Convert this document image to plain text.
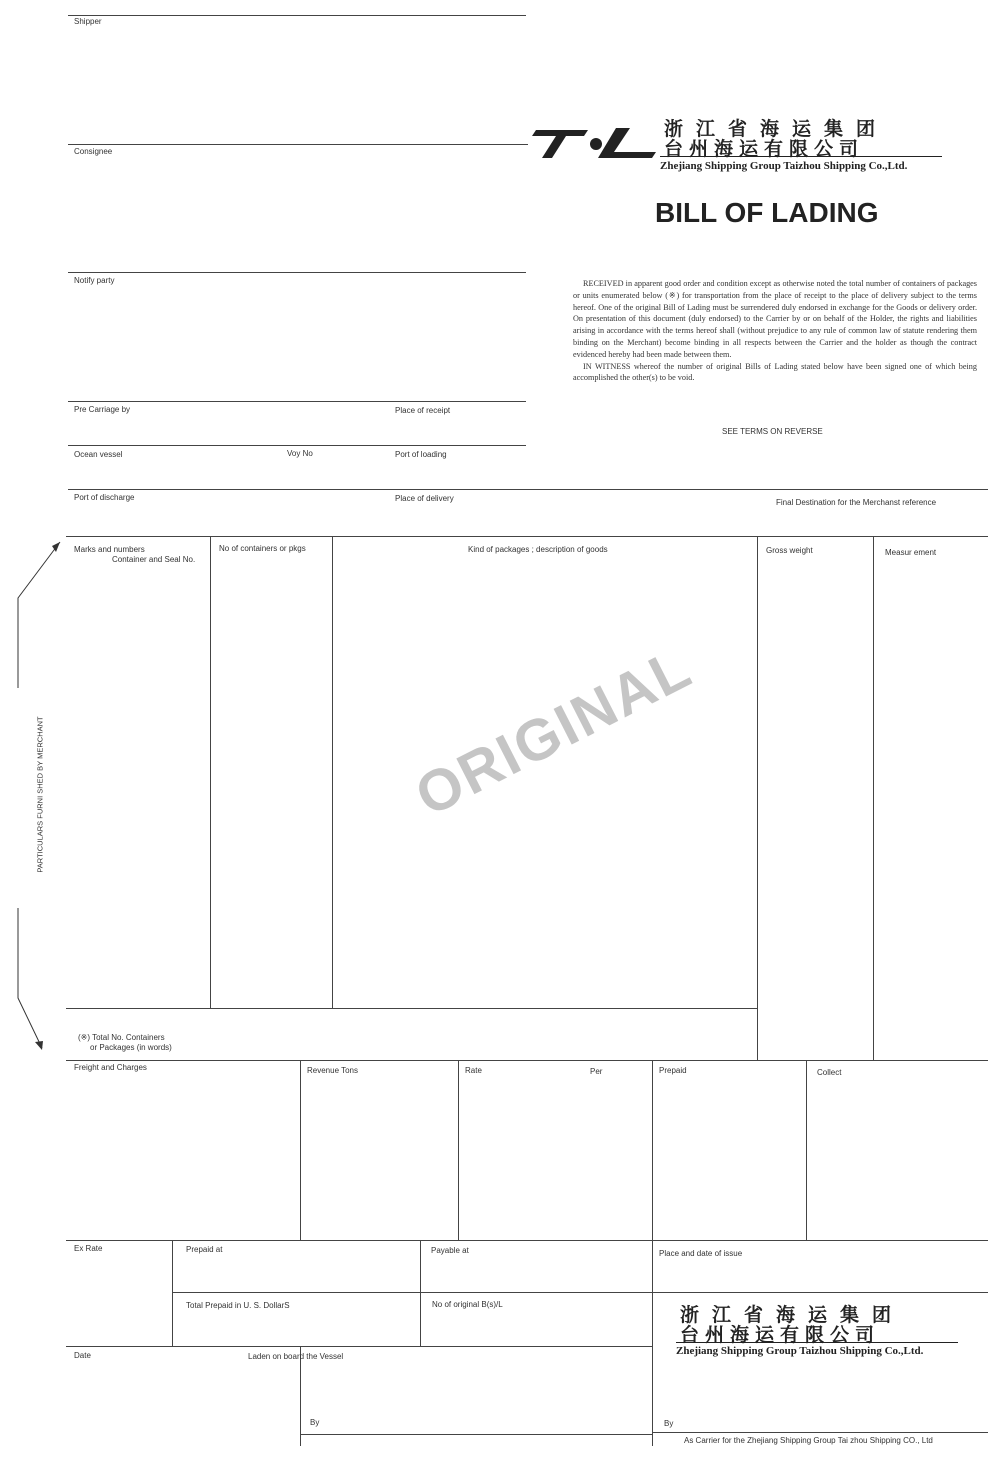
Shipper
Consignee
Notify party
浙江省海运集团
台州海运有限公司
Zhejiang Shipping Group Taizhou Shipping Co.,Ltd.
BILL OF LADING

RECEIVED in apparent good order and condition except as otherwise noted the total number of containers of packages or units enumerated below (※) for transportation from the place of receipt to the place of delivery subject to the terms hereof. One of the original Bill of Lading must be surrendered duly endorsed in exchange for the Goods or delivery order. On presentation of this document (duly endorsed) to the Carrier by or on behalf of the Holder, the rights and liabilities arising in accordance with the terms hereof shall (without prejudice to any rule of common law of statute rendering them binding on the Merchant) become binding in all respects between the Carrier and the holder as though the contract evidenced hereby had been made between them.

IN WITNESS whereof the number of original Bills of Lading stated below have been signed one of which being accomplished the other(s) to be void.

SEE TERMS ON REVERSE
Pre Carriage by	Place of receipt
Ocean vessel	Voy No	Port of loading
Port of discharge	Place of delivery	Final Destination for the Merchanst reference
Marks and numbers
Container and Seal No.
No of containers or pkgs	Kind of packages ; description of goods	Gross weight	Measur ement
ORIGINAL
(※) Total No. Containers
or Packages (in words)
PARTICULARS FURNI SHED BY MERCHANT
Freight and Charges	Revenue Tons	Rate	Per	Prepaid	Collect
Ex Rate	Prepaid at	Payable at	Place and date of issue
Total Prepaid in U. S. DollarS	No of original B(s)/L	浙江省海运集团
台州海运有限公司
Zhejiang Shipping Group Taizhou Shipping Co.,Ltd.
Date	Laden on board the Vessel
By	By
As Carrier for the Zhejiang Shipping Group Tai zhou Shipping CO., Ltd
